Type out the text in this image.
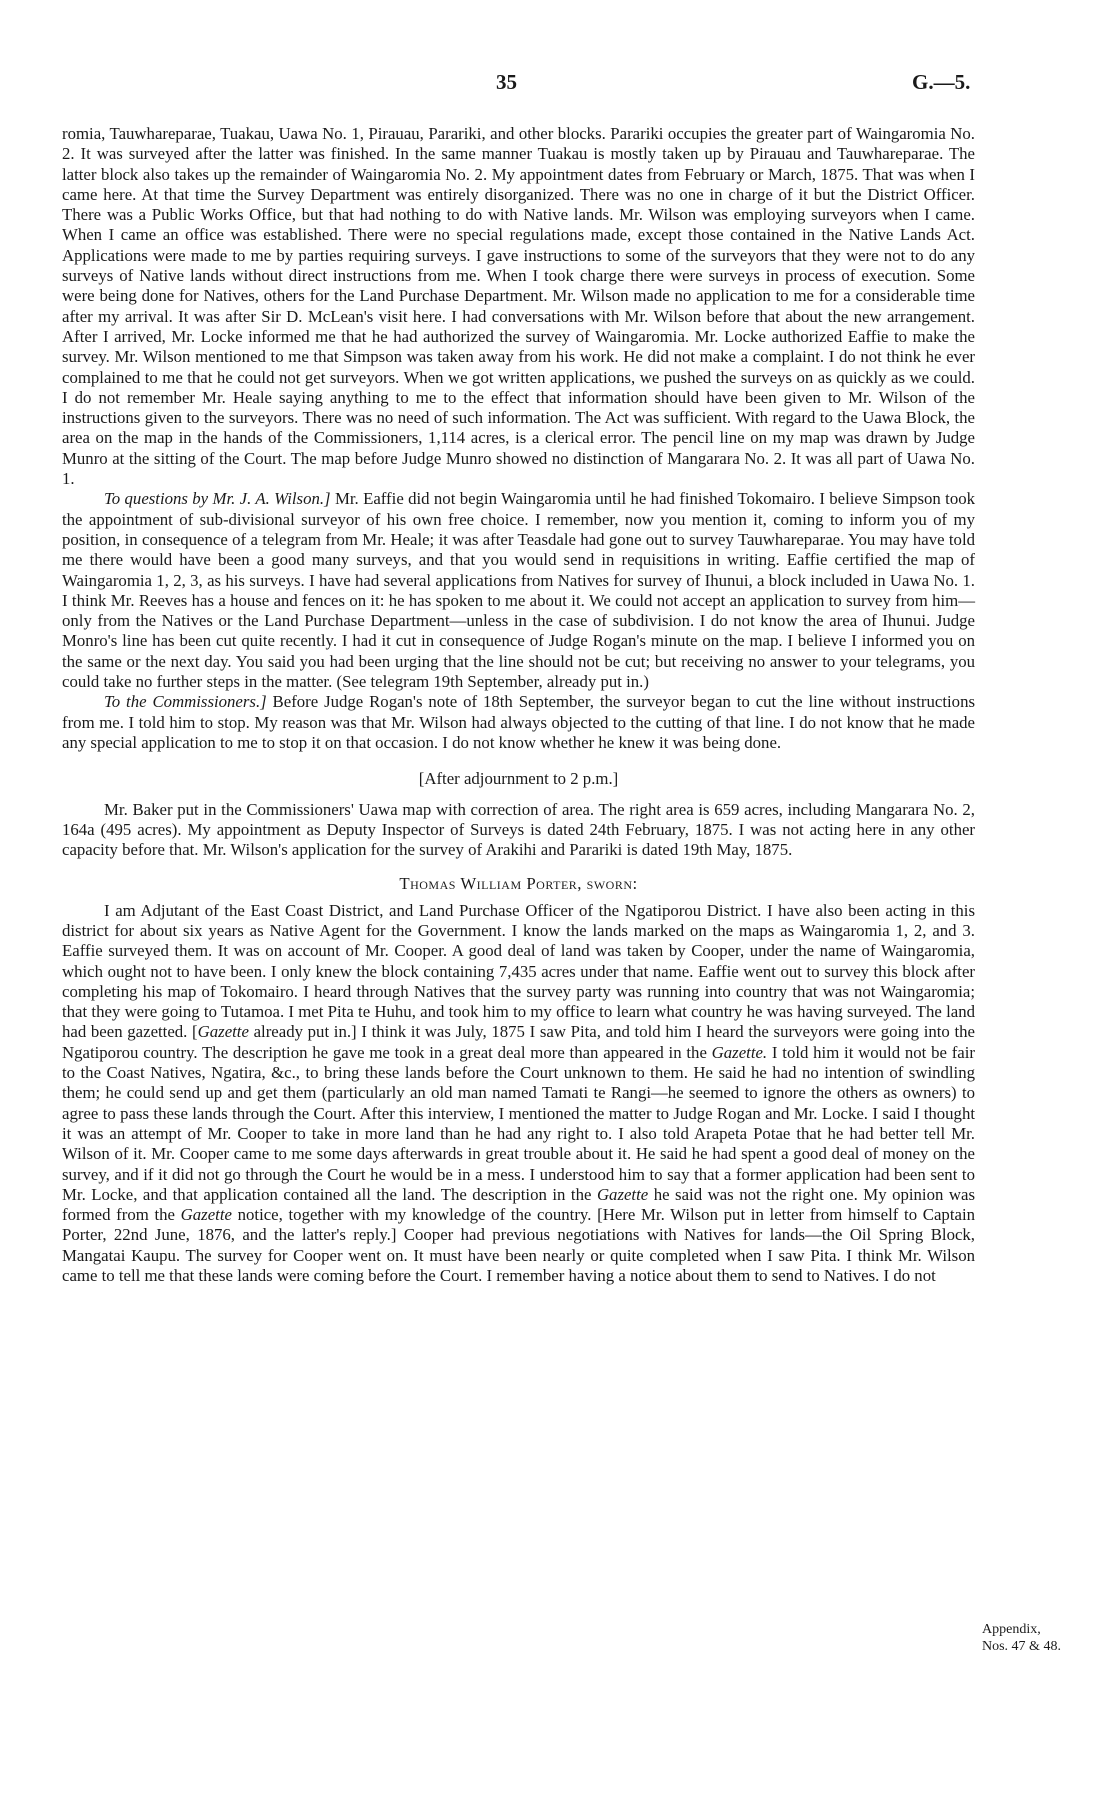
35	G.—5.

romia, Tauwhareparae, Tuakau, Uawa No. 1, Pirauau, Parariki, and other blocks. Parariki occupies the greater part of Waingaromia No. 2. It was surveyed after the latter was finished. In the same manner Tuakau is mostly taken up by Pirauau and Tauwhareparae. The latter block also takes up the remainder of Waingaromia No. 2. My appointment dates from February or March, 1875. That was when I came here. At that time the Survey Department was entirely disorganized. There was no one in charge of it but the District Officer. There was a Public Works Office, but that had nothing to do with Native lands. Mr. Wilson was employing surveyors when I came. When I came an office was established. There were no special regulations made, except those contained in the Native Lands Act. Applications were made to me by parties requiring surveys. I gave instructions to some of the surveyors that they were not to do any surveys of Native lands without direct instructions from me. When I took charge there were surveys in process of execution. Some were being done for Natives, others for the Land Purchase Department. Mr. Wilson made no application to me for a considerable time after my arrival. It was after Sir D. McLean's visit here. I had conversations with Mr. Wilson before that about the new arrangement. After I arrived, Mr. Locke informed me that he had authorized the survey of Waingaromia. Mr. Locke authorized Eaffie to make the survey. Mr. Wilson mentioned to me that Simpson was taken away from his work. He did not make a complaint. I do not think he ever complained to me that he could not get surveyors. When we got written applications, we pushed the surveys on as quickly as we could. I do not remember Mr. Heale saying anything to me to the effect that information should have been given to Mr. Wilson of the instructions given to the surveyors. There was no need of such information. The Act was sufficient. With regard to the Uawa Block, the area on the map in the hands of the Commissioners, 1,114 acres, is a clerical error. The pencil line on my map was drawn by Judge Munro at the sitting of the Court. The map before Judge Munro showed no distinction of Mangarara No. 2. It was all part of Uawa No. 1.

To questions by Mr. J. A. Wilson.] Mr. Eaffie did not begin Waingaromia until he had finished Tokomairo. I believe Simpson took the appointment of sub-divisional surveyor of his own free choice. I remember, now you mention it, coming to inform you of my position, in consequence of a telegram from Mr. Heale; it was after Teasdale had gone out to survey Tauwhareparae. You may have told me there would have been a good many surveys, and that you would send in requisitions in writing. Eaffie certified the map of Waingaromia 1, 2, 3, as his surveys. I have had several applications from Natives for survey of Ihunui, a block included in Uawa No. 1. I think Mr. Reeves has a house and fences on it: he has spoken to me about it. We could not accept an application to survey from him—only from the Natives or the Land Purchase Department—unless in the case of subdivision. I do not know the area of Ihunui. Judge Monro's line has been cut quite recently. I had it cut in consequence of Judge Rogan's minute on the map. I believe I informed you on the same or the next day. You said you had been urging that the line should not be cut; but receiving no answer to your telegrams, you could take no further steps in the matter. (See telegram 19th September, already put in.)

To the Commissioners.] Before Judge Rogan's note of 18th September, the surveyor began to cut the line without instructions from me. I told him to stop. My reason was that Mr. Wilson had always objected to the cutting of that line. I do not know that he made any special application to me to stop it on that occasion. I do not know whether he knew it was being done.

[After adjournment to 2 p.m.]

Mr. Baker put in the Commissioners' Uawa map with correction of area. The right area is 659 acres, including Mangarara No. 2, 164a (495 acres). My appointment as Deputy Inspector of Surveys is dated 24th February, 1875. I was not acting here in any other capacity before that. Mr. Wilson's application for the survey of Arakihi and Parariki is dated 19th May, 1875.

Thomas William Porter, sworn:

I am Adjutant of the East Coast District, and Land Purchase Officer of the Ngatiporou District. I have also been acting in this district for about six years as Native Agent for the Government. I know the lands marked on the maps as Waingaromia 1, 2, and 3. Eaffie surveyed them. It was on account of Mr. Cooper. A good deal of land was taken by Cooper, under the name of Waingaromia, which ought not to have been. I only knew the block containing 7,435 acres under that name. Eaffie went out to survey this block after completing his map of Tokomairo. I heard through Natives that the survey party was running into country that was not Waingaromia; that they were going to Tutamoa. I met Pita te Huhu, and took him to my office to learn what country he was having surveyed. The land had been gazetted. [Gazette already put in.] I think it was July, 1875 I saw Pita, and told him I heard the surveyors were going into the Ngatiporou country. The description he gave me took in a great deal more than appeared in the Gazette. I told him it would not be fair to the Coast Natives, Ngatira, &c., to bring these lands before the Court unknown to them. He said he had no intention of swindling them; he could send up and get them (particularly an old man named Tamati te Rangi—he seemed to ignore the others as owners) to agree to pass these lands through the Court. After this interview, I mentioned the matter to Judge Rogan and Mr. Locke. I said I thought it was an attempt of Mr. Cooper to take in more land than he had any right to. I also told Arapeta Potae that he had better tell Mr. Wilson of it. Mr. Cooper came to me some days afterwards in great trouble about it. He said he had spent a good deal of money on the survey, and if it did not go through the Court he would be in a mess. I understood him to say that a former application had been sent to Mr. Locke, and that application contained all the land. The description in the Gazette he said was not the right one. My opinion was formed from the Gazette notice, together with my knowledge of the country. [Here Mr. Wilson put in letter from himself to Captain Porter, 22nd June, 1876, and the latter's reply.] Cooper had previous negotiations with Natives for lands—the Oil Spring Block, Mangatai Kaupu. The survey for Cooper went on. It must have been nearly or quite completed when I saw Pita. I think Mr. Wilson came to tell me that these lands were coming before the Court. I remember having a notice about them to send to Natives. I do not

Appendix,
Nos. 47 & 48.
